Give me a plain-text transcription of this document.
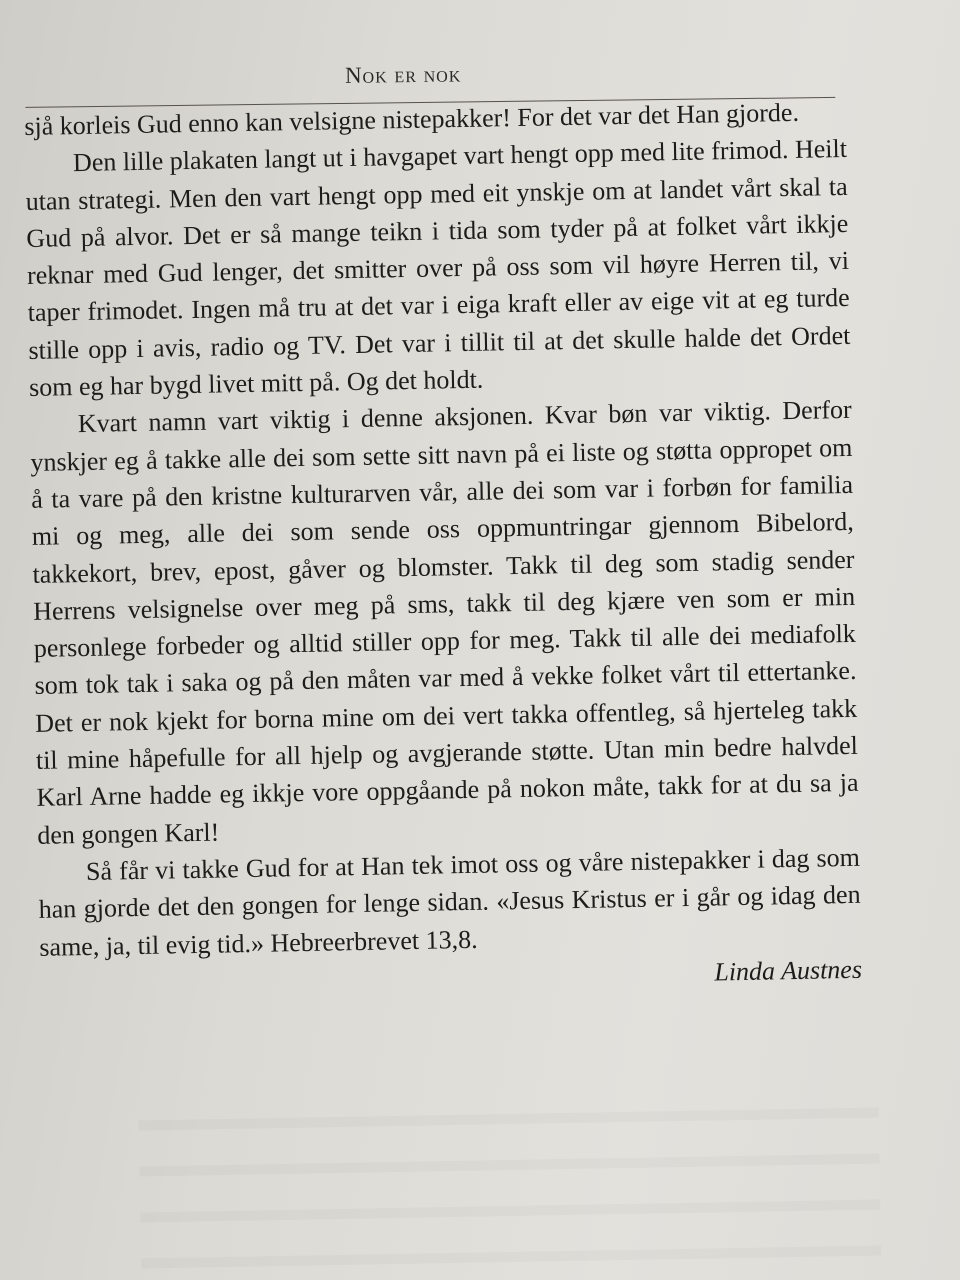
Nok er nok

sjå korleis Gud enno kan velsigne nistepakker! For det var det Han gjorde.

Den lille plakaten langt ut i havgapet vart hengt opp med lite frimod. Heilt utan strategi. Men den vart hengt opp med eit ynskje om at landet vårt skal ta Gud på alvor. Det er så mange teikn i tida som tyder på at folket vårt ikkje reknar med Gud lenger, det smitter over på oss som vil høyre Herren til, vi taper frimodet. Ingen må tru at det var i eiga kraft eller av eige vit at eg turde stille opp i avis, radio og TV. Det var i tillit til at det skulle halde det Ordet som eg har bygd livet mitt på. Og det holdt.

Kvart namn vart viktig i denne aksjonen. Kvar bøn var viktig. Derfor ynskjer eg å takke alle dei som sette sitt navn på ei liste og støtta oppropet om å ta vare på den kristne kulturarven vår, alle dei som var i forbøn for familia mi og meg, alle dei som sende oss oppmuntringar gjennom Bibelord, takkekort, brev, epost, gåver og blomster. Takk til deg som stadig sender Herrens velsignelse over meg på sms, takk til deg kjære ven som er min personlege forbeder og alltid stiller opp for meg. Takk til alle dei mediafolk som tok tak i saka og på den måten var med å vekke folket vårt til ettertanke. Det er nok kjekt for borna mine om dei vert takka offentleg, så hjerteleg takk til mine håpefulle for all hjelp og avgjerande støtte. Utan min bedre halvdel Karl Arne hadde eg ikkje vore oppgåande på nokon måte, takk for at du sa ja den gongen Karl!

Så får vi takke Gud for at Han tek imot oss og våre nistepakker i dag som han gjorde det den gongen for lenge sidan. «Jesus Kristus er i går og idag den same, ja, til evig tid.» Hebreerbrevet 13,8.

Linda Austnes
